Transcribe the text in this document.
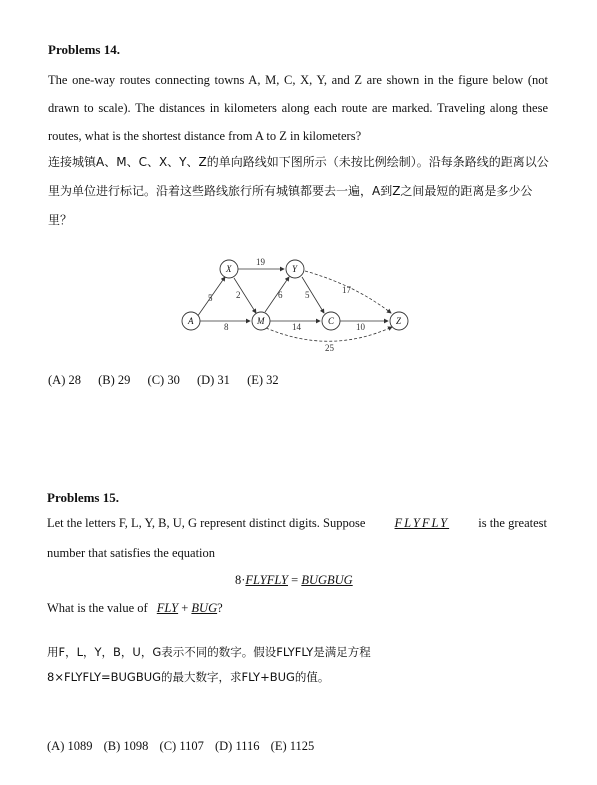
Problems 14.
The one-way routes connecting towns A, M, C, X, Y, and Z are shown in the figure below (not drawn to scale). The distances in kilometers along each route are marked. Traveling along these routes, what is the shortest distance from A to Z in kilometers?
连接城镇A、M、C、X、Y、Z的单向路线如下图所示（未按比例绘制）。沿每条路线的距离以公里为单位进行标记。沿着这些路线旅行所有城镇都要去一遍，A到Z之间最短的距离是多少公里？
X	Y
A	M	C	Z
19
5	2	6	5	17
8	14	10
25
(A) 28 (B) 29 (C) 30 (D) 31 (E) 32
Problems 15.
Let the letters F, L, Y, B, U, G represent distinct digits. Suppose FLYFLY is the greatest
number that satisfies the equation
8·FLYFLY = BUGBUG
What is the value of FLY + BUG?
用F，L，Y，B，U，G表示不同的数字。假设FLYFLY是满足方程
8×FLYFLY=BUGBUG的最大数字，求FLY+BUG的值。
(A) 1089 (B) 1098 (C) 1107 (D) 1116 (E) 1125
